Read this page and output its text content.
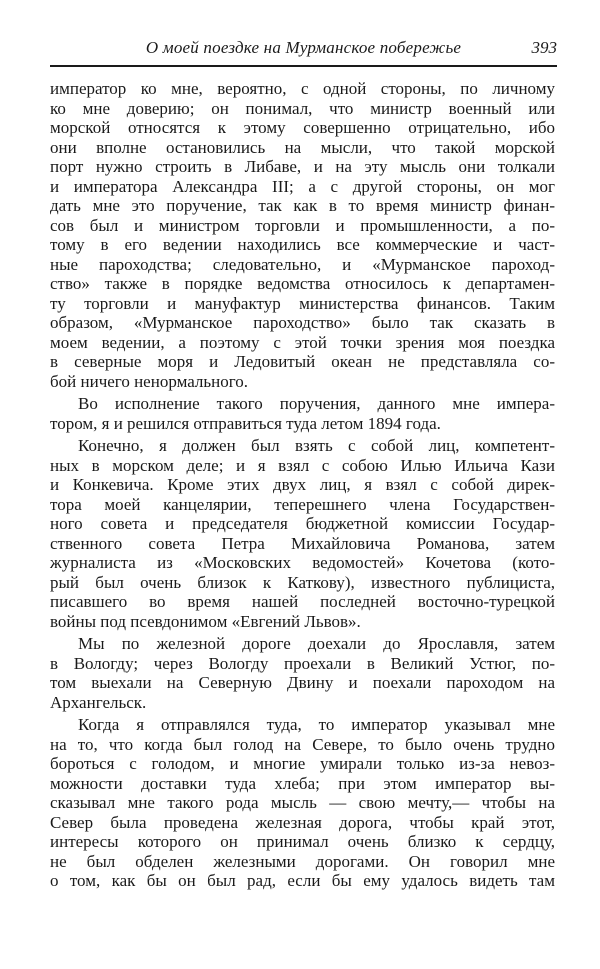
О моей поездке на Мурманское побережье	393
император ко мне, вероятно, с одной стороны, по личному
ко мне доверию; он понимал, что министр военный или
морской относятся к этому совершенно отрицательно, ибо
они вполне остановились на мысли, что такой морской
порт нужно строить в Либаве, и на эту мысль они толкали
и императора Александра III; а с другой стороны, он мог
дать мне это поручение, так как в то время министр финан-
сов был и министром торговли и промышленности, а по-
тому в его ведении находились все коммерческие и част-
ные пароходства; следовательно, и «Мурманское пароход-
ство» также в порядке ведомства относилось к департамен-
ту торговли и мануфактур министерства финансов. Таким
образом, «Мурманское пароходство» было так сказать в
моем ведении, а поэтому с этой точки зрения моя поездка
в северные моря и Ледовитый океан не представляла со-
бой ничего ненормального.
Во исполнение такого поручения, данного мне импера-
тором, я и решился отправиться туда летом 1894 года.
Конечно, я должен был взять с собой лиц, компетент-
ных в морском деле; и я взял с собою Илью Ильича Кази
и Конкевича. Кроме этих двух лиц, я взял с собой дирек-
тора моей канцелярии, теперешнего члена Государствен-
ного совета и председателя бюджетной комиссии Государ-
ственного совета Петра Михайловича Романова, затем
журналиста из «Московских ведомостей» Кочетова (кото-
рый был очень близок к Каткову), известного публициста,
писавшего во время нашей последней восточно-турецкой
войны под псевдонимом «Евгений Львов».
Мы по железной дороге доехали до Ярославля, затем
в Вологду; через Вологду проехали в Великий Устюг, по-
том выехали на Северную Двину и поехали пароходом на
Архангельск.
Когда я отправлялся туда, то император указывал мне
на то, что когда был голод на Севере, то было очень трудно
бороться с голодом, и многие умирали только из-за невоз-
можности доставки туда хлеба; при этом император вы-
сказывал мне такого рода мысль — свою мечту,— чтобы на
Север была проведена железная дорога, чтобы край этот,
интересы которого он принимал очень близко к сердцу,
не был обделен железными дорогами. Он говорил мне
о том, как бы он был рад, если бы ему удалось видеть там
